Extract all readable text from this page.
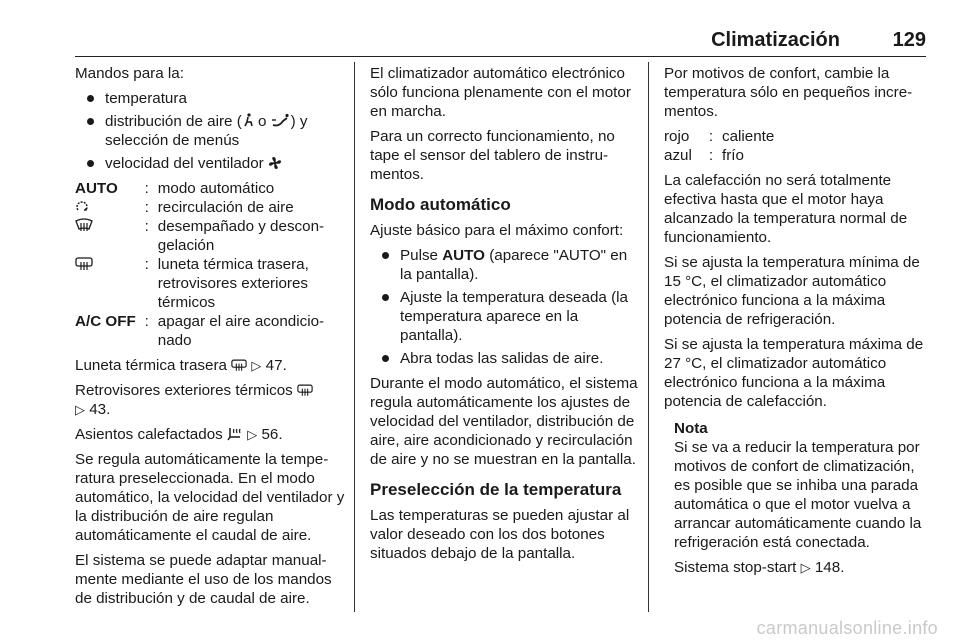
Climatización	129

Mandos para la:

temperatura
distribución de aire ( o ) y selección de menús
velocidad del ventilador
AUTO	: modo automático
: recirculación de aire
: desempañado y descongelación
: luneta térmica trasera, retrovisores exteriores térmicos
A/C OFF : apagar el aire acondicionado

Luneta térmica trasera ▷ 47.

Retrovisores exteriores térmicos
▷ 43.

Asientos calefactados ▷ 56.

Se regula automáticamente la temperatura preseleccionada. En el modo automático, la velocidad del ventilador y la distribución de aire regulan automáticamente el caudal de aire.

El sistema se puede adaptar manualmente mediante el uso de los mandos de distribución y de caudal de aire.

El climatizador automático electrónico sólo funciona plenamente con el motor en marcha.

Para un correcto funcionamiento, no tape el sensor del tablero de instrumentos.

Modo automático

Ajuste básico para el máximo confort:

Pulse AUTO (aparece "AUTO" en la pantalla).
Ajuste la temperatura deseada (la temperatura aparece en la pantalla).
Abra todas las salidas de aire.

Durante el modo automático, el sistema regula automáticamente los ajustes de velocidad del ventilador, distribución de aire, aire acondicionado y recirculación de aire y no se muestran en la pantalla.

Preselección de la temperatura

Las temperaturas se pueden ajustar al valor deseado con los dos botones situados debajo de la pantalla.

Por motivos de confort, cambie la temperatura sólo en pequeños incrementos.

rojo	: caliente
azul	: frío

La calefacción no será totalmente efectiva hasta que el motor haya alcanzado la temperatura normal de funcionamiento.

Si se ajusta la temperatura mínima de 15 °C, el climatizador automático electrónico funciona a la máxima potencia de refrigeración.

Si se ajusta la temperatura máxima de 27 °C, el climatizador automático electrónico funciona a la máxima potencia de calefacción.

Nota

Si se va a reducir la temperatura por motivos de confort de climatización, es posible que se inhiba una parada automática o que el motor vuelva a arrancar automáticamente cuando la refrigeración está conectada.

Sistema stop-start ▷ 148.

carmanualsonline.info
